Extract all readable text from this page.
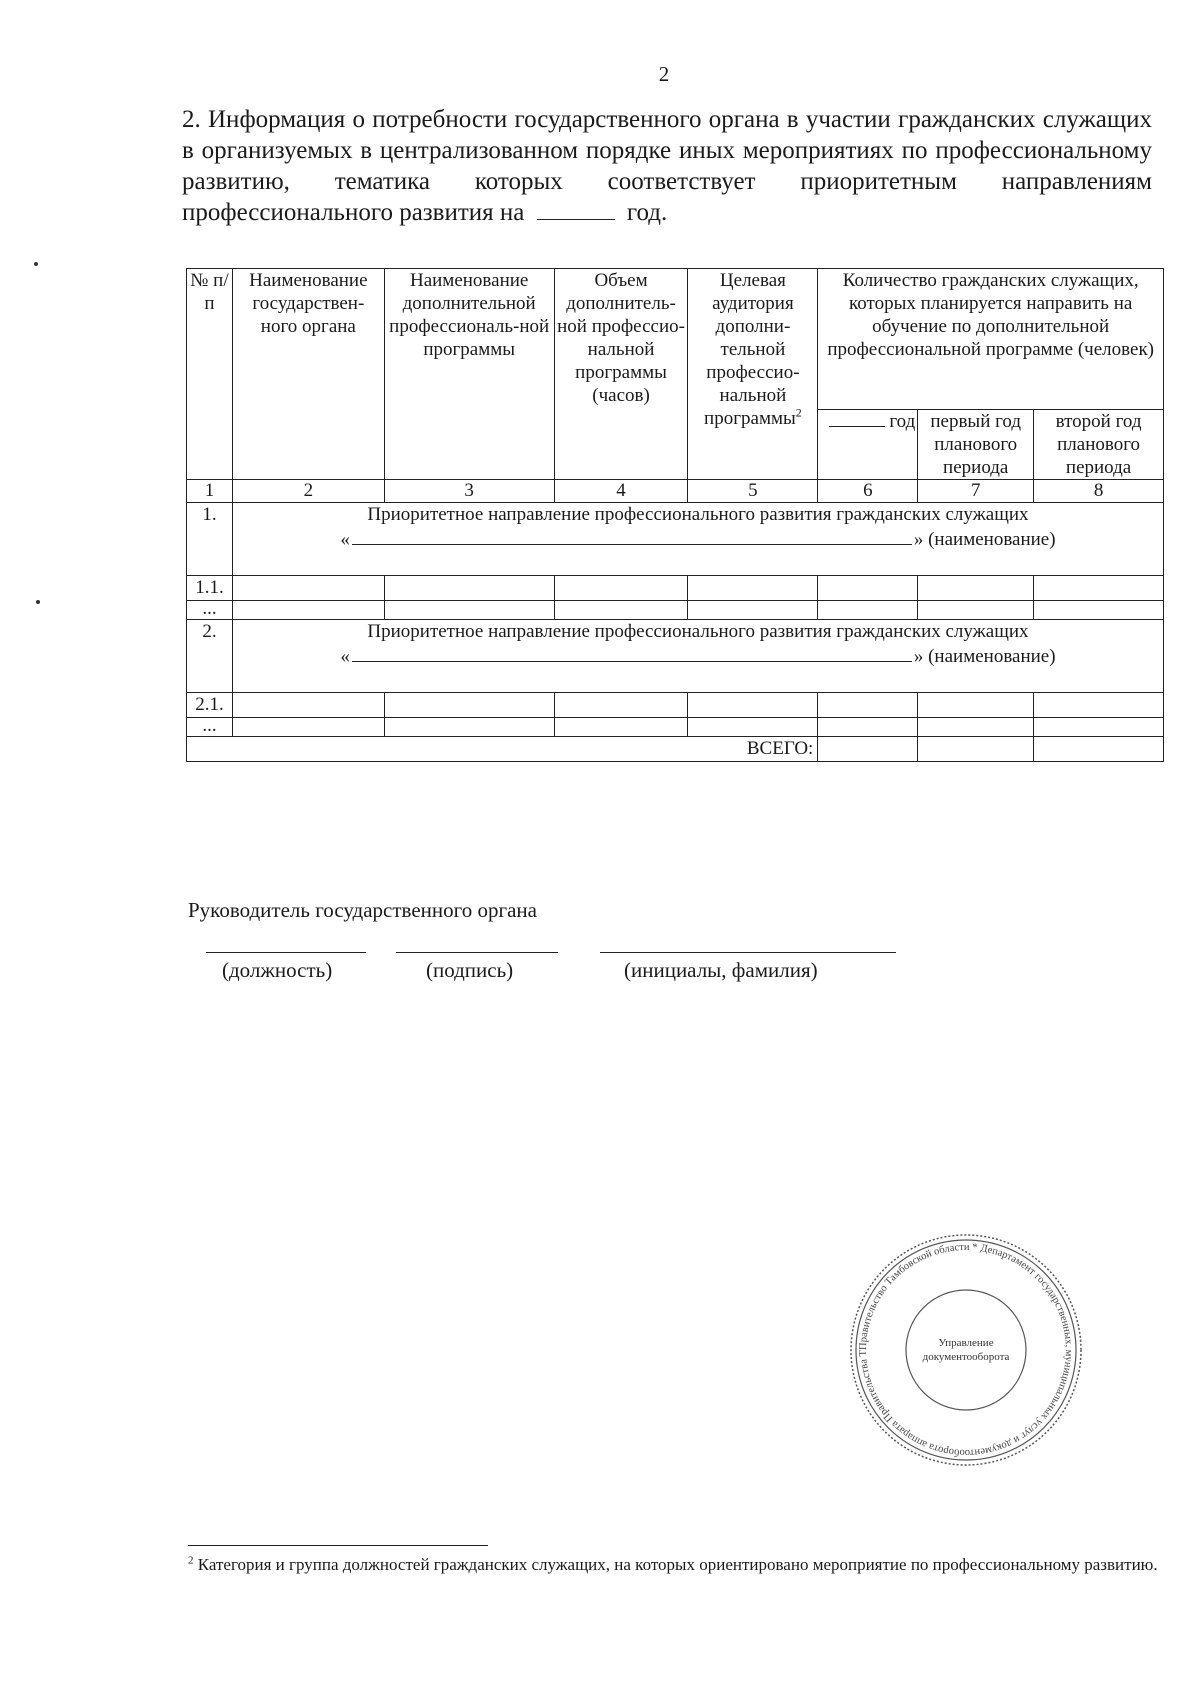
2
2. Информация о потребности государственного органа в участии гражданских служащих в организуемых в централизованном порядке иных мероприятиях по профессиональному развитию, тематика которых соответствует приоритетным направлениям профессионального развития на	год.
№ п/п	Наименование государствен-ного органа	Наименование дополнительной профессиональ-ной программы	Объем дополнитель-ной профессио-нальной программы (часов)	Целевая аудитория дополни-тельной профессио-нальной программы$^2$	Количество гражданских служащих, которых планируется направить на обучение по дополнительной профессиональной программе (человек)		
					год	первый год планового периода	второй год планового периода
1	2	3	4	5	6	7	8
1.	Приоритетное направление профессионального развития гражданских служащих
« » (наименование)						

1.1.							
...							
2.	Приоритетное направление профессионального развития гражданских служащих
« » (наименование)						

2.1.							
...							
ВСЕГО:							
Руководитель государственного органа
(должность)	(подпись)	(инициалы, фамилия)
Правительство Тамбовской области * Департамент государственных, муниципальных услуг и документооборота аппарата Правительства Т
Управление
документооборота
$^2$ Категория и группа должностей гражданских служащих, на которых ориентировано мероприятие по профессиональному развитию.
